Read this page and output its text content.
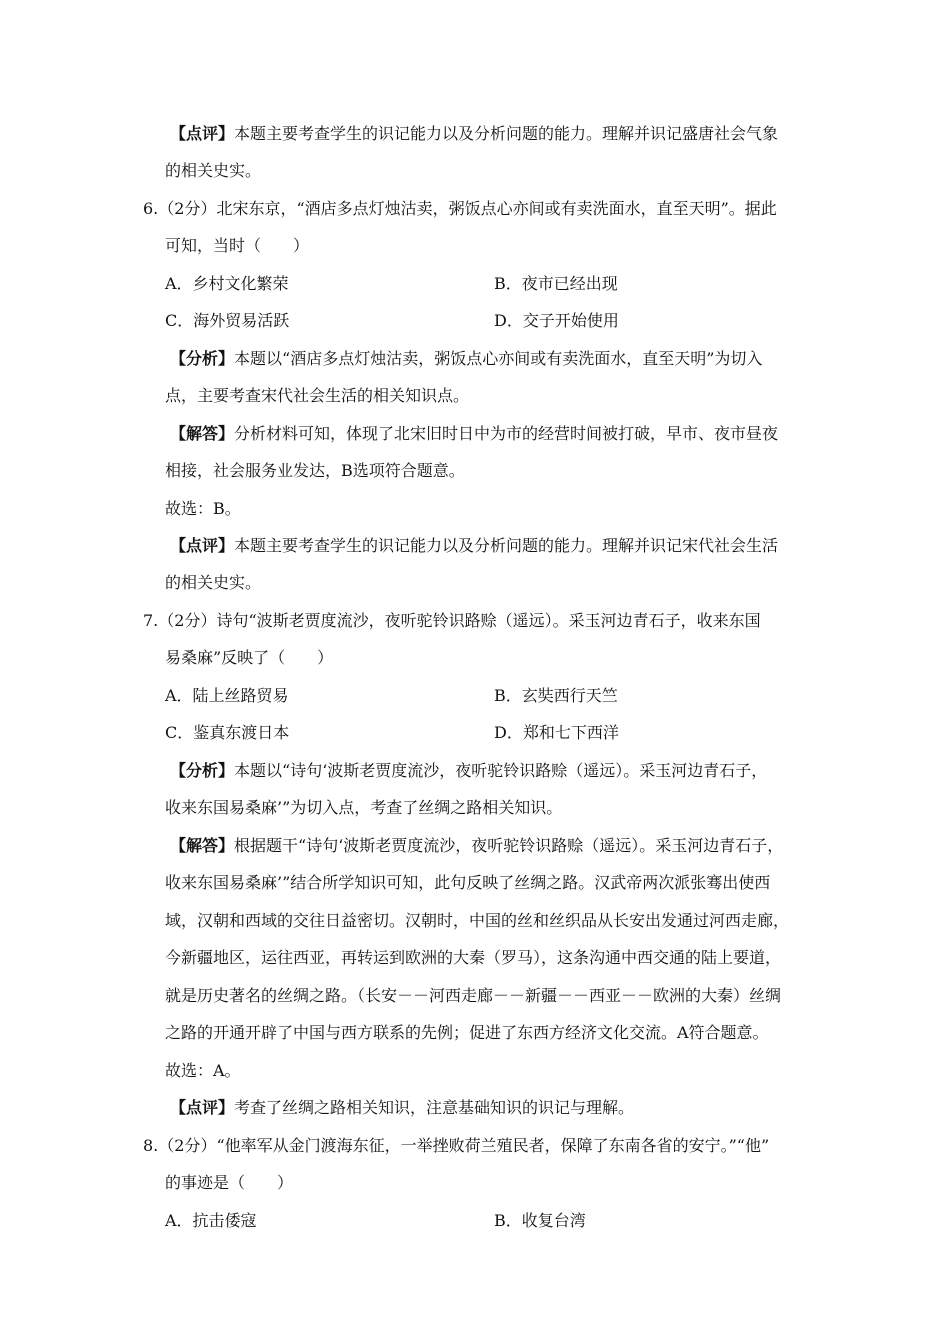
【点评】本题主要考查学生的识记能力以及分析问题的能力。理解并识记盛唐社会气象
的相关史实。
6.（2分）北宋东京，“酒店多点灯烛沽卖，粥饭点心亦间或有卖洗面水，直至天明”。据此
可知，当时（　　）
A．乡村文化繁荣	B．夜市已经出现
C．海外贸易活跃	D．交子开始使用
【分析】本题以“酒店多点灯烛沽卖，粥饭点心亦间或有卖洗面水，直至天明”为切入
点，主要考查宋代社会生活的相关知识点。
【解答】分析材料可知，体现了北宋旧时日中为市的经营时间被打破，早市、夜市昼夜
相接，社会服务业发达，B选项符合题意。
故选：B。
【点评】本题主要考查学生的识记能力以及分析问题的能力。理解并识记宋代社会生活
的相关史实。
7.（2分）诗句“波斯老贾度流沙，夜听驼铃识路赊（遥远）。采玉河边青石子，收来东国
易桑麻”反映了（　　）
A．陆上丝路贸易	B．玄奘西行天竺
C．鉴真东渡日本	D．郑和七下西洋
【分析】本题以“诗句‘波斯老贾度流沙，夜听驼铃识路赊（遥远）。采玉河边青石子，
收来东国易桑麻’”为切入点，考查了丝绸之路相关知识。
【解答】根据题干“诗句‘波斯老贾度流沙，夜听驼铃识路赊（遥远）。采玉河边青石子，
收来东国易桑麻’”结合所学知识可知，此句反映了丝绸之路。汉武帝两次派张骞出使西
域，汉朝和西域的交往日益密切。汉朝时，中国的丝和丝织品从长安出发通过河西走廊，
今新疆地区，运往西亚，再转运到欧洲的大秦（罗马），这条沟通中西交通的陆上要道，
就是历史著名的丝绸之路。（长安－－河西走廊－－新疆－－西亚－－欧洲的大秦）丝绸
之路的开通开辟了中国与西方联系的先例；促进了东西方经济文化交流。A符合题意。
故选：A。
【点评】考查了丝绸之路相关知识，注意基础知识的识记与理解。
8.（2分）“他率军从金门渡海东征，一举挫败荷兰殖民者，保障了东南各省的安宁。”“他”
的事迹是（　　）
A．抗击倭寇	B．收复台湾
